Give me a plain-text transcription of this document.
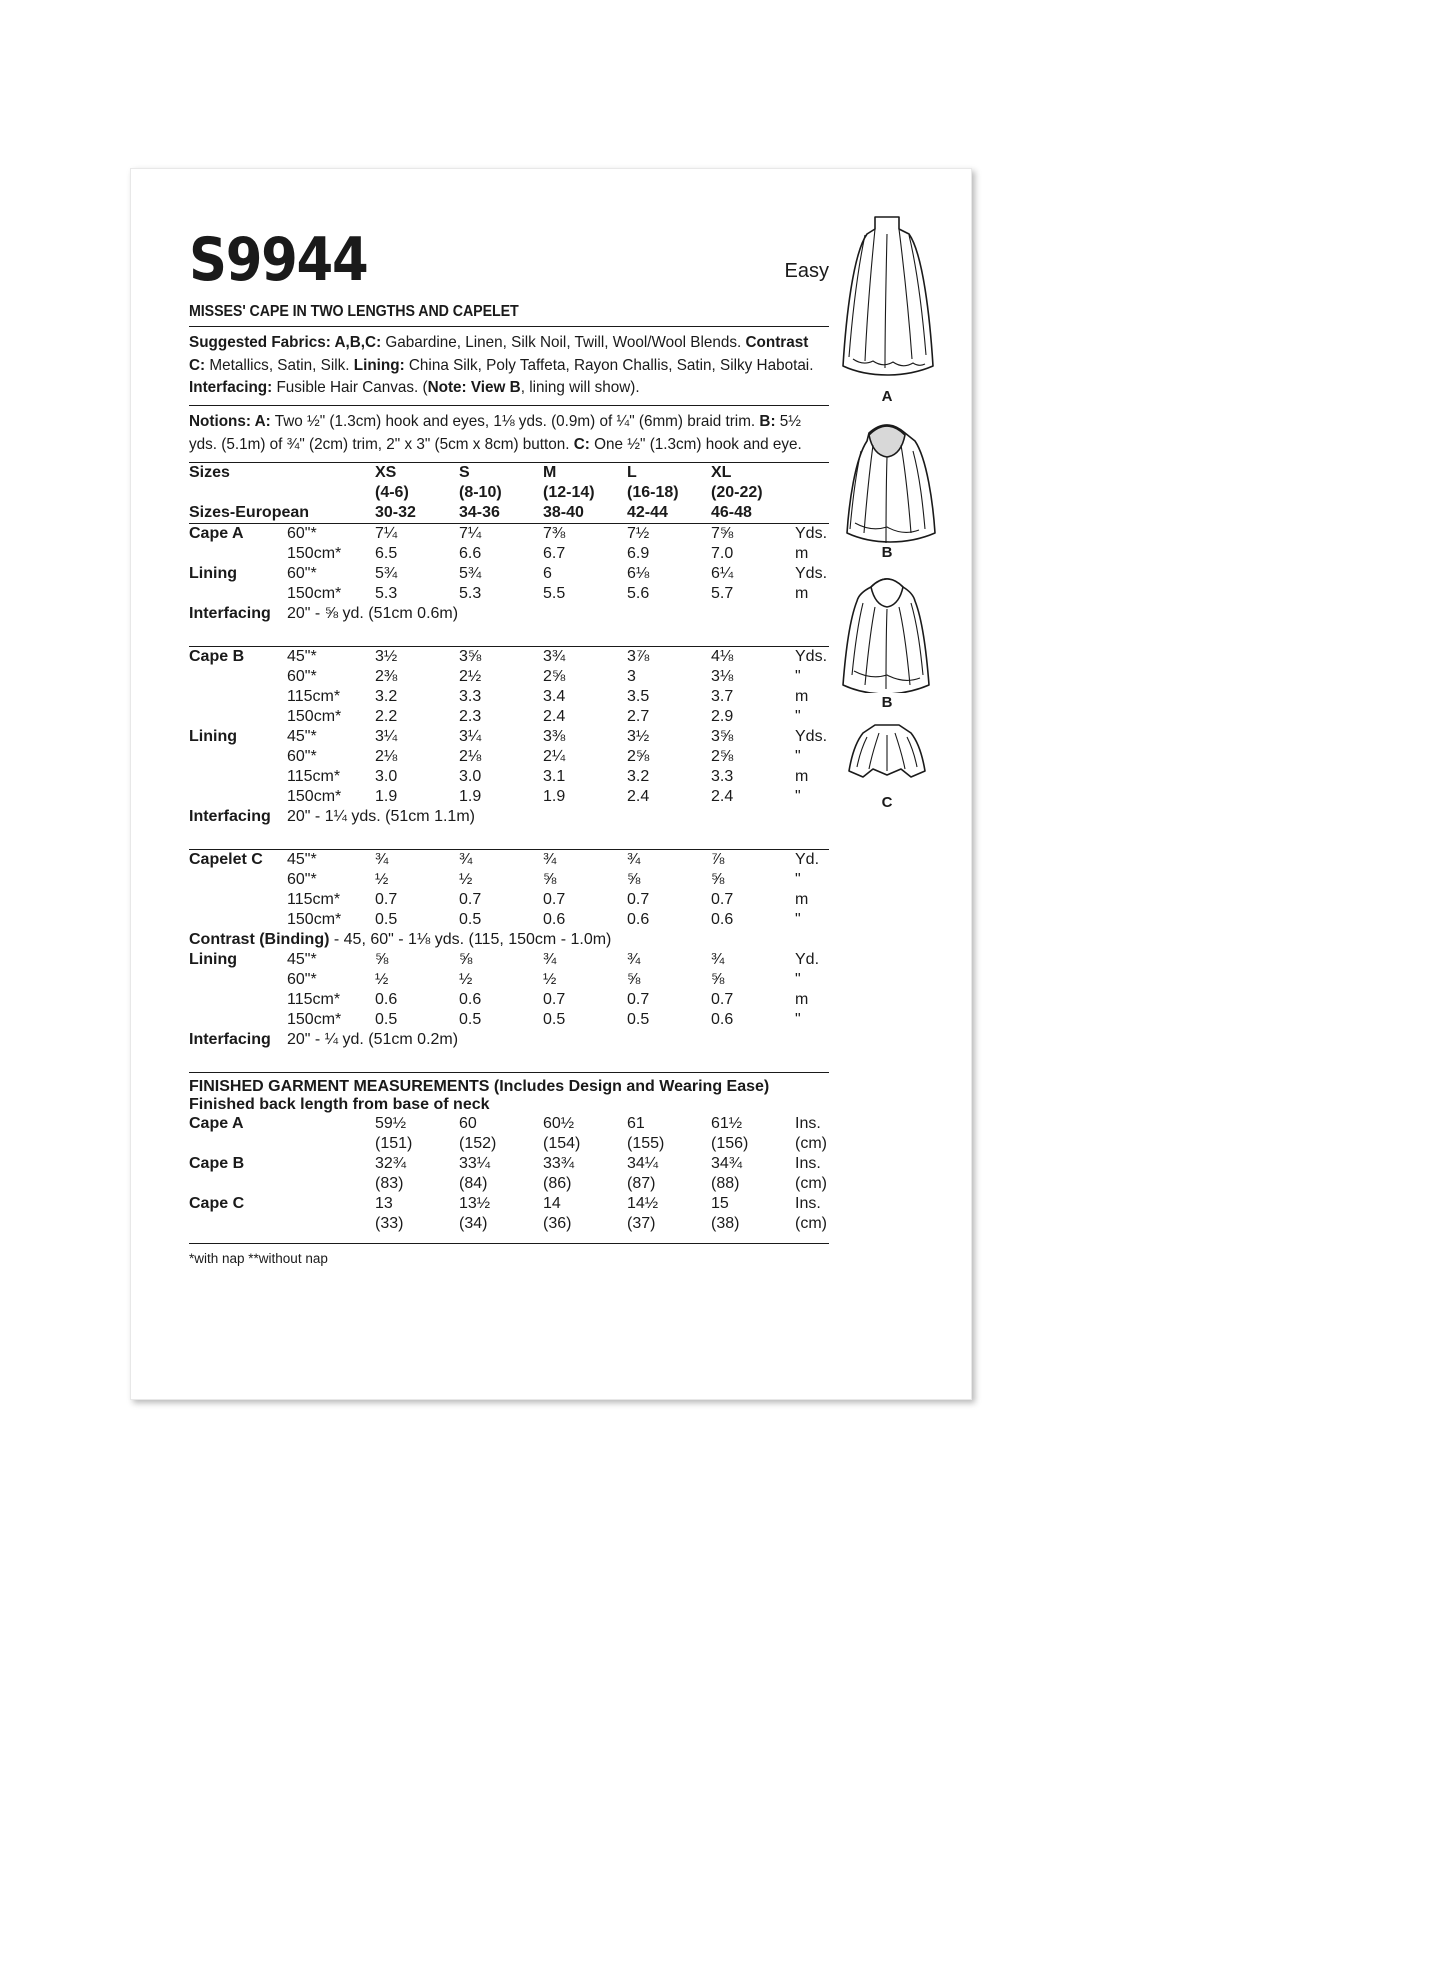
S9944	Easy
MISSES' CAPE IN TWO LENGTHS AND CAPELET
Suggested Fabrics: A,B,C: Gabardine, Linen, Silk Noil, Twill, Wool/Wool Blends. Contrast C: Metallics, Satin, Silk. Lining: China Silk, Poly Taffeta, Rayon Challis, Satin, Silky Habotai. Interfacing: Fusible Hair Canvas. (Note: View B, lining will show).
Notions: A: Two ½" (1.3cm) hook and eyes, 1⅛ yds. (0.9m) of ¼" (6mm) braid trim. B: 5½ yds. (5.1m) of ¾" (2cm) trim, 2" x 3" (5cm x 8cm) button. C: One ½" (1.3cm) hook and eye.
Sizes		XS	S	M	L	XL	
		(4-6)	(8-10)	(12-14)	(16-18)	(20-22)	
Sizes-European		30-32	34-36	38-40	42-44	46-48	
Cape A	60"*	7¼	7¼	7⅜	7½	7⅝	Yds.
	150cm*	6.5	6.6	6.7	6.9	7.0	m
Lining	60"*	5¾	5¾	6	6⅛	6¼	Yds.
	150cm*	5.3	5.3	5.5	5.6	5.7	m
Interfacing	20" - ⅝ yd. (51cm 0.6m)						
Cape B	45"*	3½	3⅝	3¾	3⅞	4⅛	Yds.
	60"*	2⅜	2½	2⅝	3	3⅛	"
	115cm*	3.2	3.3	3.4	3.5	3.7	m
	150cm*	2.2	2.3	2.4	2.7	2.9	"
Lining	45"*	3¼	3¼	3⅜	3½	3⅝	Yds.
	60"*	2⅛	2⅛	2¼	2⅝	2⅝	"
	115cm*	3.0	3.0	3.1	3.2	3.3	m
	150cm*	1.9	1.9	1.9	2.4	2.4	"
Interfacing	20" - 1¼ yds. (51cm 1.1m)						
Capelet C	45"*	¾	¾	¾	¾	⅞	Yd.
	60"*	½	½	⅝	⅝	⅝	"
	115cm*	0.7	0.7	0.7	0.7	0.7	m
	150cm*	0.5	0.5	0.6	0.6	0.6	"
Contrast (Binding) - 45, 60" - 1⅛ yds. (115, 150cm - 1.0m)							
Lining	45"*	⅝	⅝	¾	¾	¾	Yd.
	60"*	½	½	½	⅝	⅝	"
	115cm*	0.6	0.6	0.7	0.7	0.7	m
	150cm*	0.5	0.5	0.5	0.5	0.6	"
Interfacing	20" - ¼ yd. (51cm 0.2m)						
FINISHED GARMENT MEASUREMENTS (Includes Design and Wearing Ease)
Finished back length from base of neck
Cape A		59½	60	60½	61	61½	Ins.
		(151)	(152)	(154)	(155)	(156)	(cm)
Cape B		32¾	33¼	33¾	34¼	34¾	Ins.
		(83)	(84)	(86)	(87)	(88)	(cm)
Cape C		13	13½	14	14½	15	Ins.
		(33)	(34)	(36)	(37)	(38)	(cm)
*with nap **without nap
A
B
B
C
